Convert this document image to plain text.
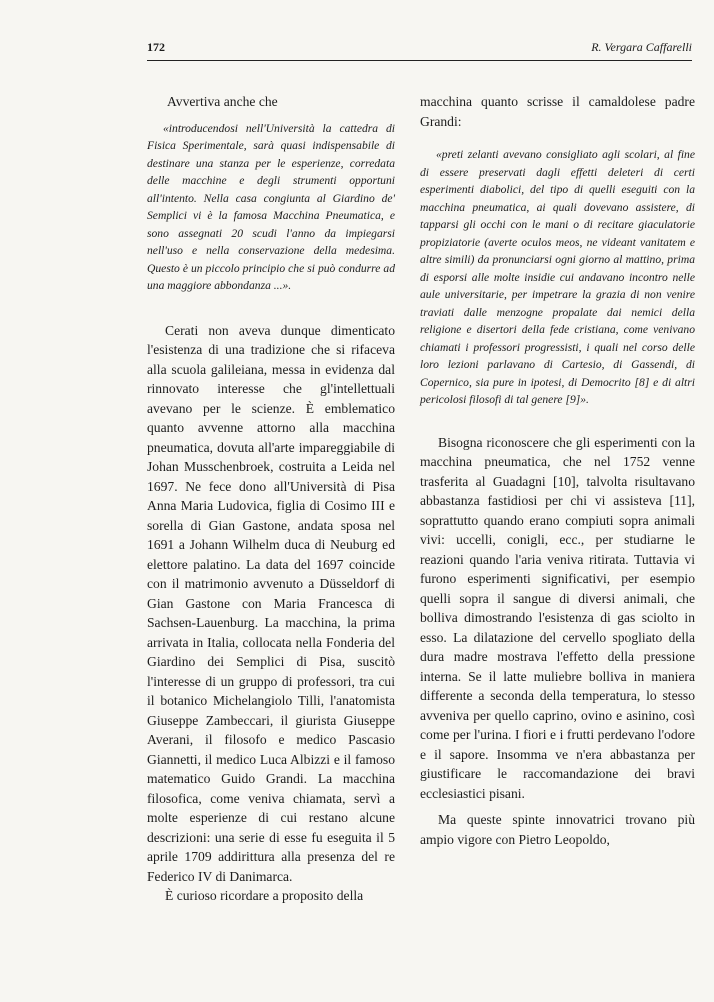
172	R. Vergara Caffarelli

Avvertiva anche che

«introducendosi nell'Università la cattedra di Fisica Sperimentale, sarà quasi indispensabile di destinare una stanza per le esperienze, corredata delle macchine e degli strumenti opportuni all'intento. Nella casa congiunta al Giardino de' Semplici vi è la famosa Macchina Pneumatica, e sono assegnati 20 scudi l'anno da impiegarsi nell'uso e nella conservazione della medesima. Questo è un piccolo principio che si può condurre ad una maggiore abbondanza ...».

Cerati non aveva dunque dimenticato l'esistenza di una tradizione che si rifaceva alla scuola galileiana, messa in evidenza dal rinnovato interesse che gl'intellettuali avevano per le scienze. È emblematico quanto avvenne attorno alla macchina pneumatica, dovuta all'arte impareggiabile di Johan Musschenbroek, costruita a Leida nel 1697. Ne fece dono all'Università di Pisa Anna Maria Ludovica, figlia di Cosimo III e sorella di Gian Gastone, andata sposa nel 1691 a Johann Wilhelm duca di Neuburg ed elettore palatino. La data del 1697 coincide con il matrimonio avvenuto a Düsseldorf di Gian Gastone con Maria Francesca di Sachsen-Lauenburg. La macchina, la prima arrivata in Italia, collocata nella Fonderia del Giardino dei Semplici di Pisa, suscitò l'interesse di un gruppo di professori, tra cui il botanico Michelangiolo Tilli, l'anatomista Giuseppe Zambeccari, il giurista Giuseppe Averani, il filosofo e medico Pascasio Giannetti, il medico Luca Albizzi e il famoso matematico Guido Grandi. La macchina filosofica, come veniva chiamata, servì a molte esperienze di cui restano alcune descrizioni: una serie di esse fu eseguita il 5 aprile 1709 addirittura alla presenza del re Federico IV di Danimarca.

È curioso ricordare a proposito della

macchina quanto scrisse il camaldolese padre Grandi:

«preti zelanti avevano consigliato agli scolari, al fine di essere preservati dagli effetti deleteri di certi esperimenti diabolici, del tipo di quelli eseguiti con la macchina pneumatica, ai quali dovevano assistere, di tapparsi gli occhi con le mani o di recitare giaculatorie propiziatorie (averte oculos meos, ne videant vanitatem e altre simili) da pronunciarsi ogni giorno al mattino, prima di esporsi alle molte insidie cui andavano incontro nelle aule universitarie, per impetrare la grazia di non venire traviati dalle menzogne propalate dai nemici della religione e disertori della fede cristiana, come venivano chiamati i professori progressisti, i quali nel corso delle loro lezioni parlavano di Cartesio, di Gassendi, di Copernico, sia pure in ipotesi, di Democrito [8] e di altri pericolosi filosofi di tal genere [9]».

Bisogna riconoscere che gli esperimenti con la macchina pneumatica, che nel 1752 venne trasferita al Guadagni [10], talvolta risultavano abbastanza fastidiosi per chi vi assisteva [11], soprattutto quando erano compiuti sopra animali vivi: uccelli, conigli, ecc., per studiarne le reazioni quando l'aria veniva ritirata. Tuttavia vi furono esperimenti significativi, per esempio quelli sopra il sangue di diversi animali, che bolliva dimostrando l'esistenza di gas sciolto in esso. La dilatazione del cervello spogliato della dura madre mostrava l'effetto della pressione interna. Se il latte muliebre bolliva in maniera differente a seconda della temperatura, lo stesso avveniva per quello caprino, ovino e asinino, così come per l'urina. I fiori e i frutti perdevano l'odore e il sapore. Insomma ve n'era abbastanza per giustificare le raccomandazione dei bravi ecclesiastici pisani.

Ma queste spinte innovatrici trovano più ampio vigore con Pietro Leopoldo,
